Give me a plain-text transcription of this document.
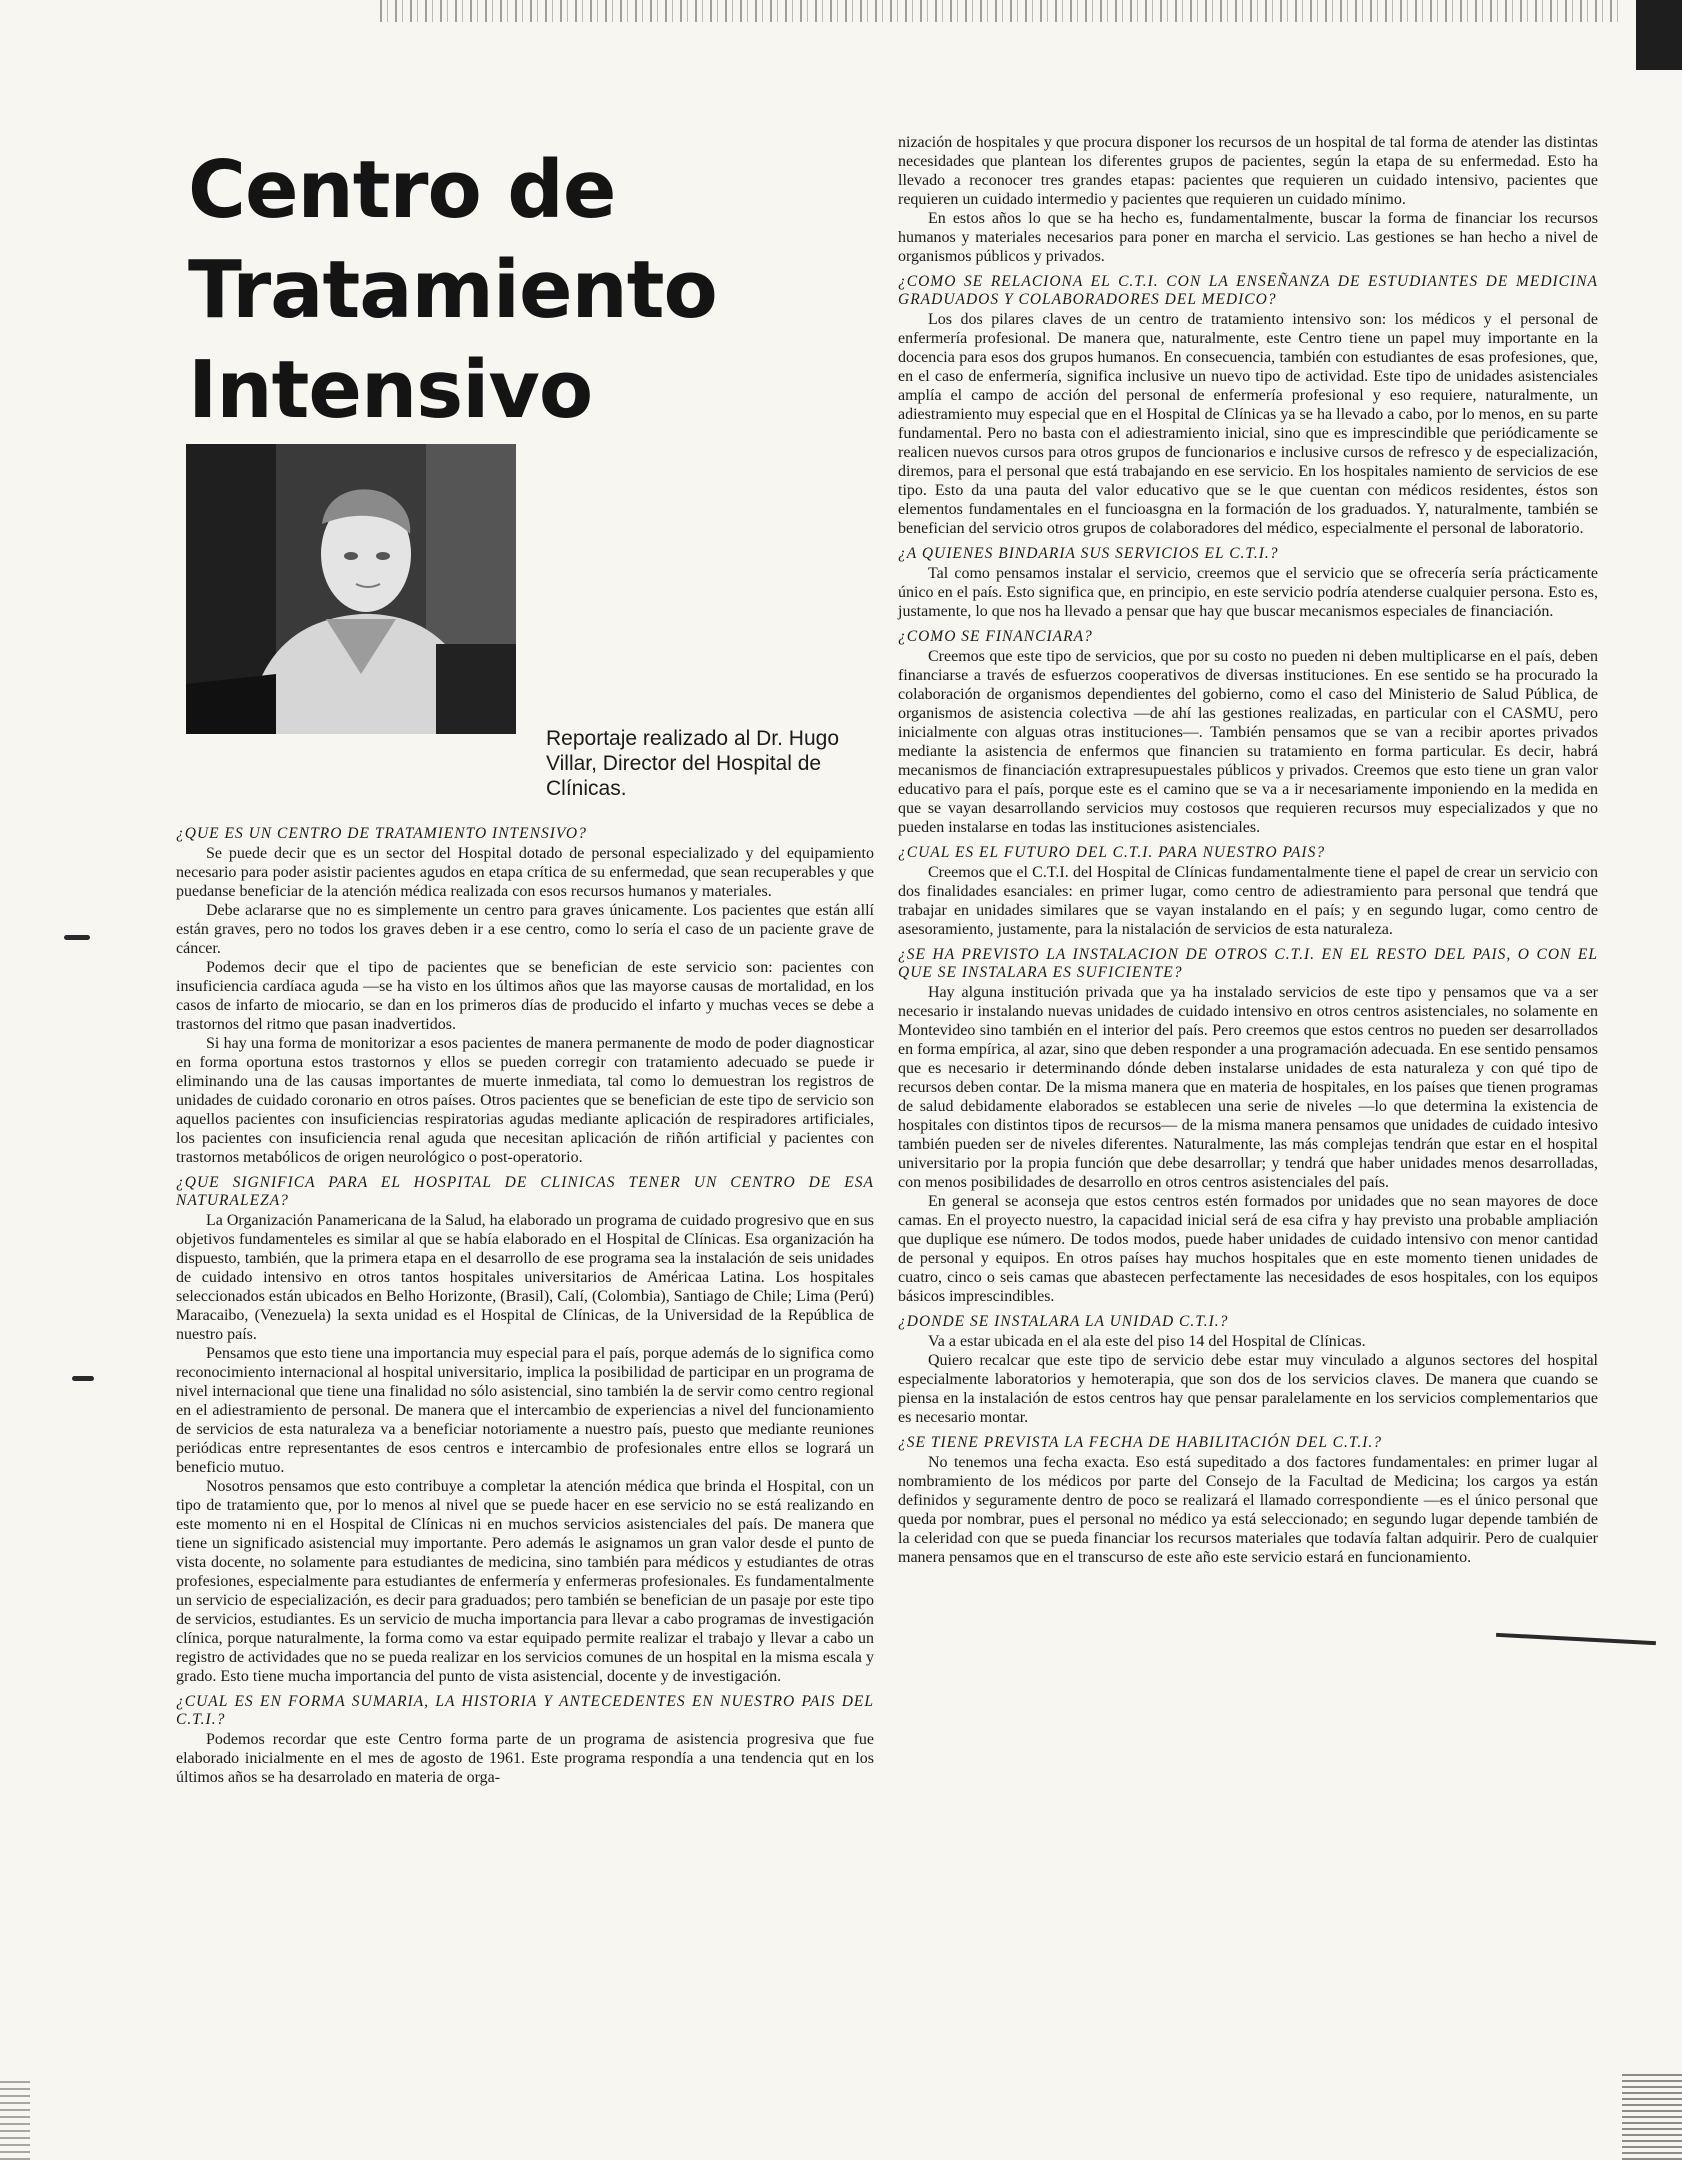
Centro de
Tratamiento
Intensivo

Reportaje realizado al Dr. Hugo Villar, Director del Hospital de Clínicas.

¿QUE ES UN CENTRO DE TRATAMIENTO INTENSIVO?

Se puede decir que es un sector del Hospital dotado de personal especializado y del equipamiento necesario para poder asistir pacientes agudos en etapa crítica de su enfermedad, que sean recuperables y que puedanse beneficiar de la atención médica realizada con esos recursos humanos y materiales.

Debe aclararse que no es simplemente un centro para graves únicamente. Los pacientes que están allí están graves, pero no todos los graves deben ir a ese centro, como lo sería el caso de un paciente grave de cáncer.

Podemos decir que el tipo de pacientes que se benefician de este servicio son: pacientes con insuficiencia cardíaca aguda —se ha visto en los últimos años que las mayorse causas de mortalidad, en los casos de infarto de miocario, se dan en los primeros días de producido el infarto y muchas veces se debe a trastornos del ritmo que pasan inadvertidos.

Si hay una forma de monitorizar a esos pacientes de manera permanente de modo de poder diagnosticar en forma oportuna estos trastornos y ellos se pueden corregir con tratamiento adecuado se puede ir eliminando una de las causas importantes de muerte inmediata, tal como lo demuestran los registros de unidades de cuidado coronario en otros países. Otros pacientes que se benefician de este tipo de servicio son aquellos pacientes con insuficiencias respiratorias agudas mediante aplicación de respiradores artificiales, los pacientes con insuficiencia renal aguda que necesitan aplicación de riñón artificial y pacientes con trastornos metabólicos de origen neurológico o post-operatorio.

¿QUE SIGNIFICA PARA EL HOSPITAL DE CLINICAS TENER UN CENTRO DE ESA NATURALEZA?

La Organización Panamericana de la Salud, ha elaborado un programa de cuidado progresivo que en sus objetivos fundamenteles es similar al que se había elaborado en el Hospital de Clínicas. Esa organización ha dispuesto, también, que la primera etapa en el desarrollo de ese programa sea la instalación de seis unidades de cuidado intensivo en otros tantos hospitales universitarios de Américaa Latina. Los hospitales seleccionados están ubicados en Belho Horizonte, (Brasil), Calí, (Colombia), Santiago de Chile; Lima (Perú) Maracaibo, (Venezuela) la sexta unidad es el Hospital de Clínicas, de la Universidad de la República de nuestro país.

Pensamos que esto tiene una importancia muy especial para el país, porque además de lo significa como reconocimiento internacional al hospital universitario, implica la posibilidad de participar en un programa de nivel internacional que tiene una finalidad no sólo asistencial, sino también la de servir como centro regional en el adiestramiento de personal. De manera que el intercambio de experiencias a nivel del funcionamiento de servicios de esta naturaleza va a beneficiar notoriamente a nuestro país, puesto que mediante reuniones periódicas entre representantes de esos centros e intercambio de profesionales entre ellos se logrará un beneficio mutuo.

Nosotros pensamos que esto contribuye a completar la atención médica que brinda el Hospital, con un tipo de tratamiento que, por lo menos al nivel que se puede hacer en ese servicio no se está realizando en este momento ni en el Hospital de Clínicas ni en muchos servicios asistenciales del país. De manera que tiene un significado asistencial muy importante. Pero además le asignamos un gran valor desde el punto de vista docente, no solamente para estudiantes de medicina, sino también para médicos y estudiantes de otras profesiones, especialmente para estudiantes de enfermería y enfermeras profesionales. Es fundamentalmente un servicio de especialización, es decir para graduados; pero también se benefician de un pasaje por este tipo de servicios, estudiantes. Es un servicio de mucha importancia para llevar a cabo programas de investigación clínica, porque naturalmente, la forma como va estar equipado permite realizar el trabajo y llevar a cabo un registro de actividades que no se pueda realizar en los servicios comunes de un hospital en la misma escala y grado. Esto tiene mucha importancia del punto de vista asistencial, docente y de investigación.

¿CUAL ES EN FORMA SUMARIA, LA HISTORIA Y ANTECEDENTES EN NUESTRO PAIS DEL C.T.I.?

Podemos recordar que este Centro forma parte de un programa de asistencia progresiva que fue elaborado inicialmente en el mes de agosto de 1961. Este programa respondía a una tendencia qut en los últimos años se ha desarrolado en materia de orga-

nización de hospitales y que procura disponer los recursos de un hospital de tal forma de atender las distintas necesidades que plantean los diferentes grupos de pacientes, según la etapa de su enfermedad. Esto ha llevado a reconocer tres grandes etapas: pacientes que requieren un cuidado intensivo, pacientes que requieren un cuidado intermedio y pacientes que requieren un cuidado mínimo.

En estos años lo que se ha hecho es, fundamentalmente, buscar la forma de financiar los recursos humanos y materiales necesarios para poner en marcha el servicio. Las gestiones se han hecho a nivel de organismos públicos y privados.

¿COMO SE RELACIONA EL C.T.I. CON LA ENSEÑANZA DE ESTUDIANTES DE MEDICINA GRADUADOS Y COLABORADORES DEL MEDICO?

Los dos pilares claves de un centro de tratamiento intensivo son: los médicos y el personal de enfermería profesional. De manera que, naturalmente, este Centro tiene un papel muy importante en la docencia para esos dos grupos humanos. En consecuencia, también con estudiantes de esas profesiones, que, en el caso de enfermería, significa inclusive un nuevo tipo de actividad. Este tipo de unidades asistenciales amplía el campo de acción del personal de enfermería profesional y eso requiere, naturalmente, un adiestramiento muy especial que en el Hospital de Clínicas ya se ha llevado a cabo, por lo menos, en su parte fundamental. Pero no basta con el adiestramiento inicial, sino que es imprescindible que periódicamente se realicen nuevos cursos para otros grupos de funcionarios e inclusive cursos de refresco y de especialización, diremos, para el personal que está trabajando en ese servicio. En los hospitales namiento de servicios de ese tipo. Esto da una pauta del valor educativo que se le que cuentan con médicos residentes, éstos son elementos fundamentales en el funcioasgna en la formación de los graduados. Y, naturalmente, también se benefician del servicio otros grupos de colaboradores del médico, especialmente el personal de laboratorio.

¿A QUIENES BINDARIA SUS SERVICIOS EL C.T.I.?

Tal como pensamos instalar el servicio, creemos que el servicio que se ofrecería sería prácticamente único en el país. Esto significa que, en principio, en este servicio podría atenderse cualquier persona. Esto es, justamente, lo que nos ha llevado a pensar que hay que buscar mecanismos especiales de financiación.

¿COMO SE FINANCIARA?

Creemos que este tipo de servicios, que por su costo no pueden ni deben multiplicarse en el país, deben financiarse a través de esfuerzos cooperativos de diversas instituciones. En ese sentido se ha procurado la colaboración de organismos dependientes del gobierno, como el caso del Ministerio de Salud Pública, de organismos de asistencia colectiva —de ahí las gestiones realizadas, en particular con el CASMU, pero inicialmente con alguas otras instituciones—. También pensamos que se van a recibir aportes privados mediante la asistencia de enfermos que financien su tratamiento en forma particular. Es decir, habrá mecanismos de financiación extrapresupuestales públicos y privados. Creemos que esto tiene un gran valor educativo para el país, porque este es el camino que se va a ir necesariamente imponiendo en la medida en que se vayan desarrollando servicios muy costosos que requieren recursos muy especializados y que no pueden instalarse en todas las instituciones asistenciales.

¿CUAL ES EL FUTURO DEL C.T.I. PARA NUESTRO PAIS?

Creemos que el C.T.I. del Hospital de Clínicas fundamentalmente tiene el papel de crear un servicio con dos finalidades esanciales: en primer lugar, como centro de adiestramiento para personal que tendrá que trabajar en unidades similares que se vayan instalando en el país; y en segundo lugar, como centro de asesoramiento, justamente, para la nistalación de servicios de esta naturaleza.

¿SE HA PREVISTO LA INSTALACION DE OTROS C.T.I. EN EL RESTO DEL PAIS, O CON EL QUE SE INSTALARA ES SUFICIENTE?

Hay alguna institución privada que ya ha instalado servicios de este tipo y pensamos que va a ser necesario ir instalando nuevas unidades de cuidado intensivo en otros centros asistenciales, no solamente en Montevideo sino también en el interior del país. Pero creemos que estos centros no pueden ser desarrollados en forma empírica, al azar, sino que deben responder a una programación adecuada. En ese sentido pensamos que es necesario ir determinando dónde deben instalarse unidades de esta naturaleza y con qué tipo de recursos deben contar. De la misma manera que en materia de hospitales, en los países que tienen programas de salud debidamente elaborados se establecen una serie de niveles —lo que determina la existencia de hospitales con distintos tipos de recursos— de la misma manera pensamos que unidades de cuidado intesivo también pueden ser de niveles diferentes. Naturalmente, las más complejas tendrán que estar en el hospital universitario por la propia función que debe desarrollar; y tendrá que haber unidades menos desarrolladas, con menos posibilidades de desarrollo en otros centros asistenciales del país.

En general se aconseja que estos centros estén formados por unidades que no sean mayores de doce camas. En el proyecto nuestro, la capacidad inicial será de esa cifra y hay previsto una probable ampliación que duplique ese número. De todos modos, puede haber unidades de cuidado intensivo con menor cantidad de personal y equipos. En otros países hay muchos hospitales que en este momento tienen unidades de cuatro, cinco o seis camas que abastecen perfectamente las necesidades de esos hospitales, con los equipos básicos imprescindibles.

¿DONDE SE INSTALARA LA UNIDAD C.T.I.?

Va a estar ubicada en el ala este del piso 14 del Hospital de Clínicas.

Quiero recalcar que este tipo de servicio debe estar muy vinculado a algunos sectores del hospital especialmente laboratorios y hemoterapia, que son dos de los servicios claves. De manera que cuando se piensa en la instalación de estos centros hay que pensar paralelamente en los servicios complementarios que es necesario montar.

¿SE TIENE PREVISTA LA FECHA DE HABILITACIÓN DEL C.T.I.?

No tenemos una fecha exacta. Eso está supeditado a dos factores fundamentales: en primer lugar al nombramiento de los médicos por parte del Consejo de la Facultad de Medicina; los cargos ya están definidos y seguramente dentro de poco se realizará el llamado correspondiente —es el único personal que queda por nombrar, pues el personal no médico ya está seleccionado; en segundo lugar depende también de la celeridad con que se pueda financiar los recursos materiales que todavía faltan adquirir. Pero de cualquier manera pensamos que en el transcurso de este año este servicio estará en funcionamiento.
